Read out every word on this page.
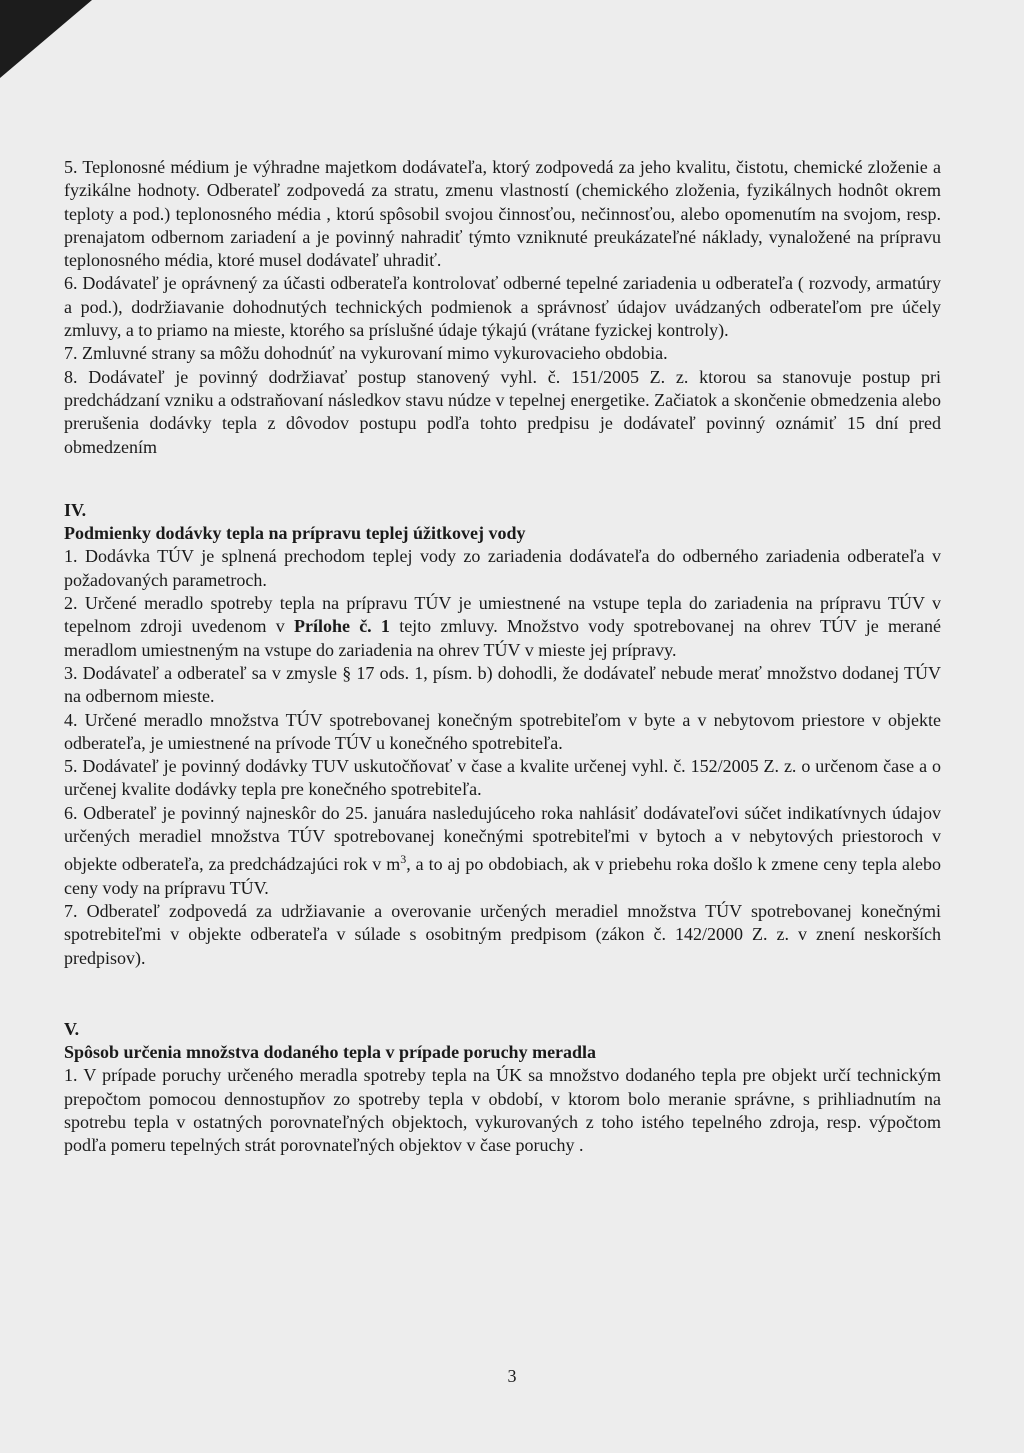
5. Teplonosné médium je výhradne majetkom dodávateľa, ktorý zodpovedá za jeho kvalitu, čistotu, chemické zloženie a fyzikálne hodnoty. Odberateľ zodpovedá za stratu, zmenu vlastností (chemického zloženia, fyzikálnych hodnôt okrem teploty a pod.) teplonosného média , ktorú spôsobil svojou činnosťou, nečinnosťou, alebo opomenutím na svojom, resp. prenajatom odbernom zariadení a je povinný nahradiť týmto vzniknuté preukázateľné náklady, vynaložené na prípravu teplonosného média, ktoré musel dodávateľ uhradiť.

6. Dodávateľ je oprávnený za účasti odberateľa kontrolovať odberné tepelné zariadenia u odberateľa ( rozvody, armatúry a pod.), dodržiavanie dohodnutých technických podmienok a správnosť údajov uvádzaných odberateľom pre účely zmluvy, a to priamo na mieste, ktorého sa príslušné údaje týkajú (vrátane fyzickej kontroly).

7. Zmluvné strany sa môžu dohodnúť na vykurovaní mimo vykurovacieho obdobia.

8. Dodávateľ je povinný dodržiavať postup stanovený vyhl. č. 151/2005 Z. z. ktorou sa stanovuje postup pri predchádzaní vzniku a odstraňovaní následkov stavu núdze v tepelnej energetike. Začiatok a skončenie obmedzenia alebo prerušenia dodávky tepla z dôvodov postupu podľa tohto predpisu je dodávateľ povinný oznámiť 15 dní pred obmedzením

IV.

Podmienky dodávky tepla na prípravu teplej úžitkovej vody

1. Dodávka TÚV je splnená prechodom teplej vody zo zariadenia dodávateľa do odberného zariadenia odberateľa v požadovaných parametroch.

2. Určené meradlo spotreby tepla na prípravu TÚV je umiestnené na vstupe tepla do zariadenia na prípravu TÚV v tepelnom zdroji uvedenom v Prílohe č. 1 tejto zmluvy. Množstvo vody spotrebovanej na ohrev TÚV je merané meradlom umiestneným na vstupe do zariadenia na ohrev TÚV v mieste jej prípravy.

3. Dodávateľ a odberateľ sa v zmysle § 17 ods. 1, písm. b) dohodli, že dodávateľ nebude merať množstvo dodanej TÚV na odbernom mieste.

4. Určené meradlo množstva TÚV spotrebovanej konečným spotrebiteľom v byte a v nebytovom priestore v objekte odberateľa, je umiestnené na prívode TÚV u konečného spotrebiteľa.

5. Dodávateľ je povinný dodávky TUV uskutočňovať v čase a kvalite určenej vyhl. č. 152/2005 Z. z. o určenom čase a o určenej kvalite dodávky tepla pre konečného spotrebiteľa.

6. Odberateľ je povinný najneskôr do 25. januára nasledujúceho roka nahlásiť dodávateľovi súčet indikatívnych údajov určených meradiel množstva TÚV spotrebovanej konečnými spotrebiteľmi v bytoch a v nebytových priestoroch v objekte odberateľa, za predchádzajúci rok v $m^3$, a to aj po obdobiach, ak v priebehu roka došlo k zmene ceny tepla alebo ceny vody na prípravu TÚV.

7. Odberateľ zodpovedá za udržiavanie a overovanie určených meradiel množstva TÚV spotrebovanej konečnými spotrebiteľmi v objekte odberateľa v súlade s osobitným predpisom (zákon č. 142/2000 Z. z. v znení neskorších predpisov).

V.

Spôsob určenia množstva dodaného tepla v prípade poruchy meradla

1. V prípade poruchy určeného meradla spotreby tepla na ÚK sa množstvo dodaného tepla pre objekt určí technickým prepočtom pomocou dennostupňov zo spotreby tepla v období, v ktorom bolo meranie správne, s prihliadnutím na spotrebu tepla v ostatných porovnateľných objektoch, vykurovaných z toho istého tepelného zdroja, resp. výpočtom podľa pomeru tepelných strát porovnateľných objektov v čase poruchy .

3
